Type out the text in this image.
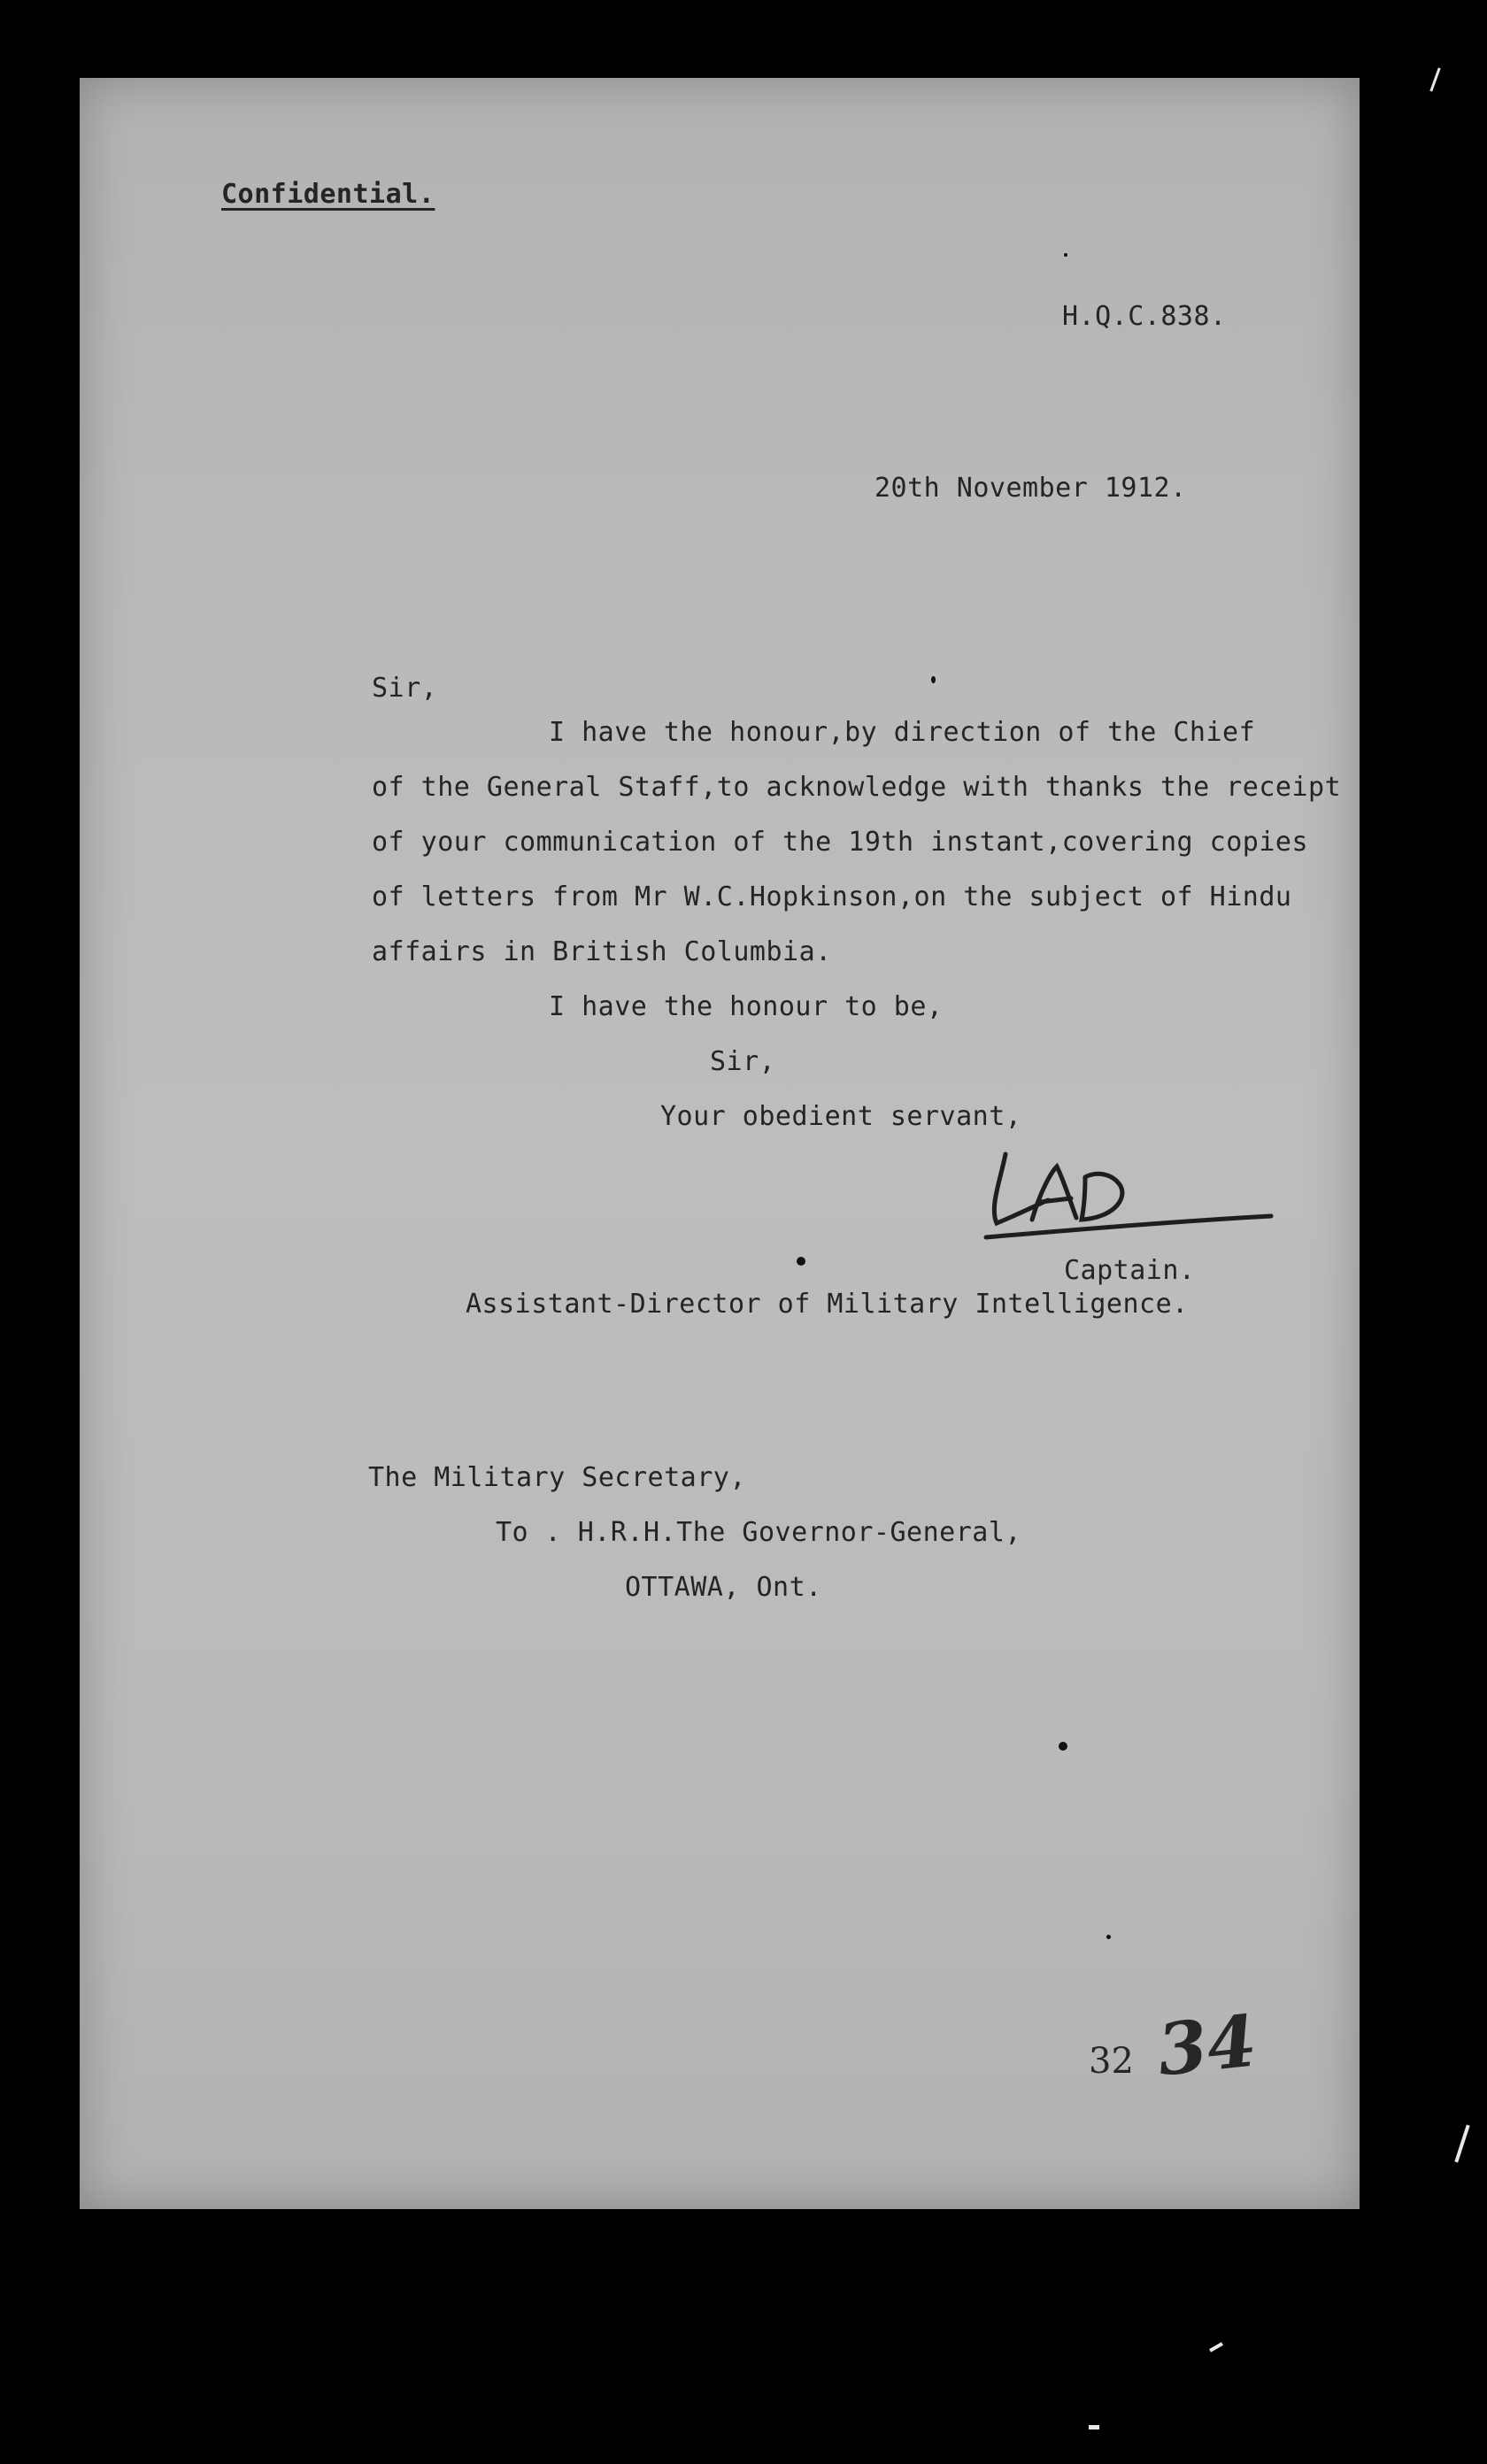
Confidential.
H.Q.C.838.
20th November 1912.
Sir,
I have the honour,by direction of the Chief
of the General Staff,to acknowledge with thanks the receipt
of your communication of the 19th instant,covering copies
of letters from Mr W.C.Hopkinson,on the subject of Hindu
affairs in British Columbia.
I have the honour to be,
Sir,
Your obedient servant,
Captain.
Assistant-Director of Military Intelligence.
The Military Secretary,
To . H.R.H.The Governor-General,
OTTAWA, Ont.
32 34
